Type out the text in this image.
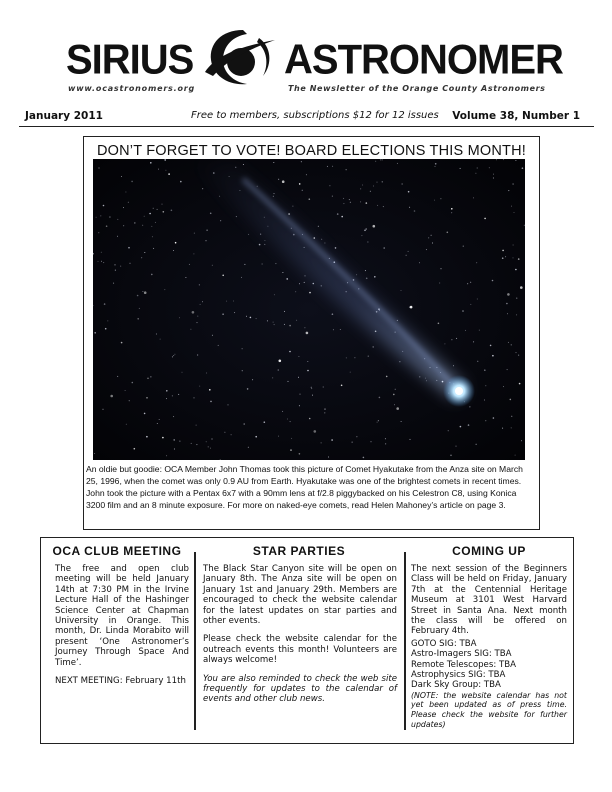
SIRIUS ASTRONOMER
www.ocastronomers.org	The Newsletter of the Orange County Astronomers
January 2011	Free to members, subscriptions $12 for 12 issues Volume 38, Number 1
DON’T FORGET TO VOTE! BOARD ELECTIONS THIS MONTH!
An oldie but goodie: OCA Member John Thomas took this picture of Comet Hyakutake from the Anza site on March 25, 1996, when the comet was only 0.9 AU from Earth. Hyakutake was one of the brightest comets in recent times. John took the picture with a Pentax 6x7 with a 90mm lens at f/2.8 piggybacked on his Celestron C8, using Konica 3200 film and an 8 minute exposure. For more on naked-eye comets, read Helen Mahoney’s article on page 3.
OCA CLUB MEETING

The free and open club meeting will be held January 14th at 7:30 PM in the Irvine Lecture Hall of the Hashinger Science Center at Chapman University in Orange. This month, Dr. Linda Morabito will present ‘One Astronomer’s Journey Through Space And Time’.

NEXT MEETING: February 11th

STAR PARTIES

The Black Star Canyon site will be open on January 8th. The Anza site will be open on January 1st and January 29th. Members are encouraged to check the website calendar for the latest updates on star parties and other events.

Please check the website calendar for the outreach events this month! Volunteers are always welcome!

You are also reminded to check the web site frequently for updates to the calendar of events and other club news.

COMING UP

The next session of the Beginners Class will be held on Friday, January 7th at the Centennial Heritage Museum at 3101 West Harvard Street in Santa Ana. Next month the class will be offered on February 4th.

GOTO SIG: TBA

Astro-Imagers SIG: TBA

Remote Telescopes: TBA

Astrophysics SIG: TBA

Dark Sky Group: TBA

(NOTE: the website calendar has not yet been updated as of press time. Please check the website for further updates)
